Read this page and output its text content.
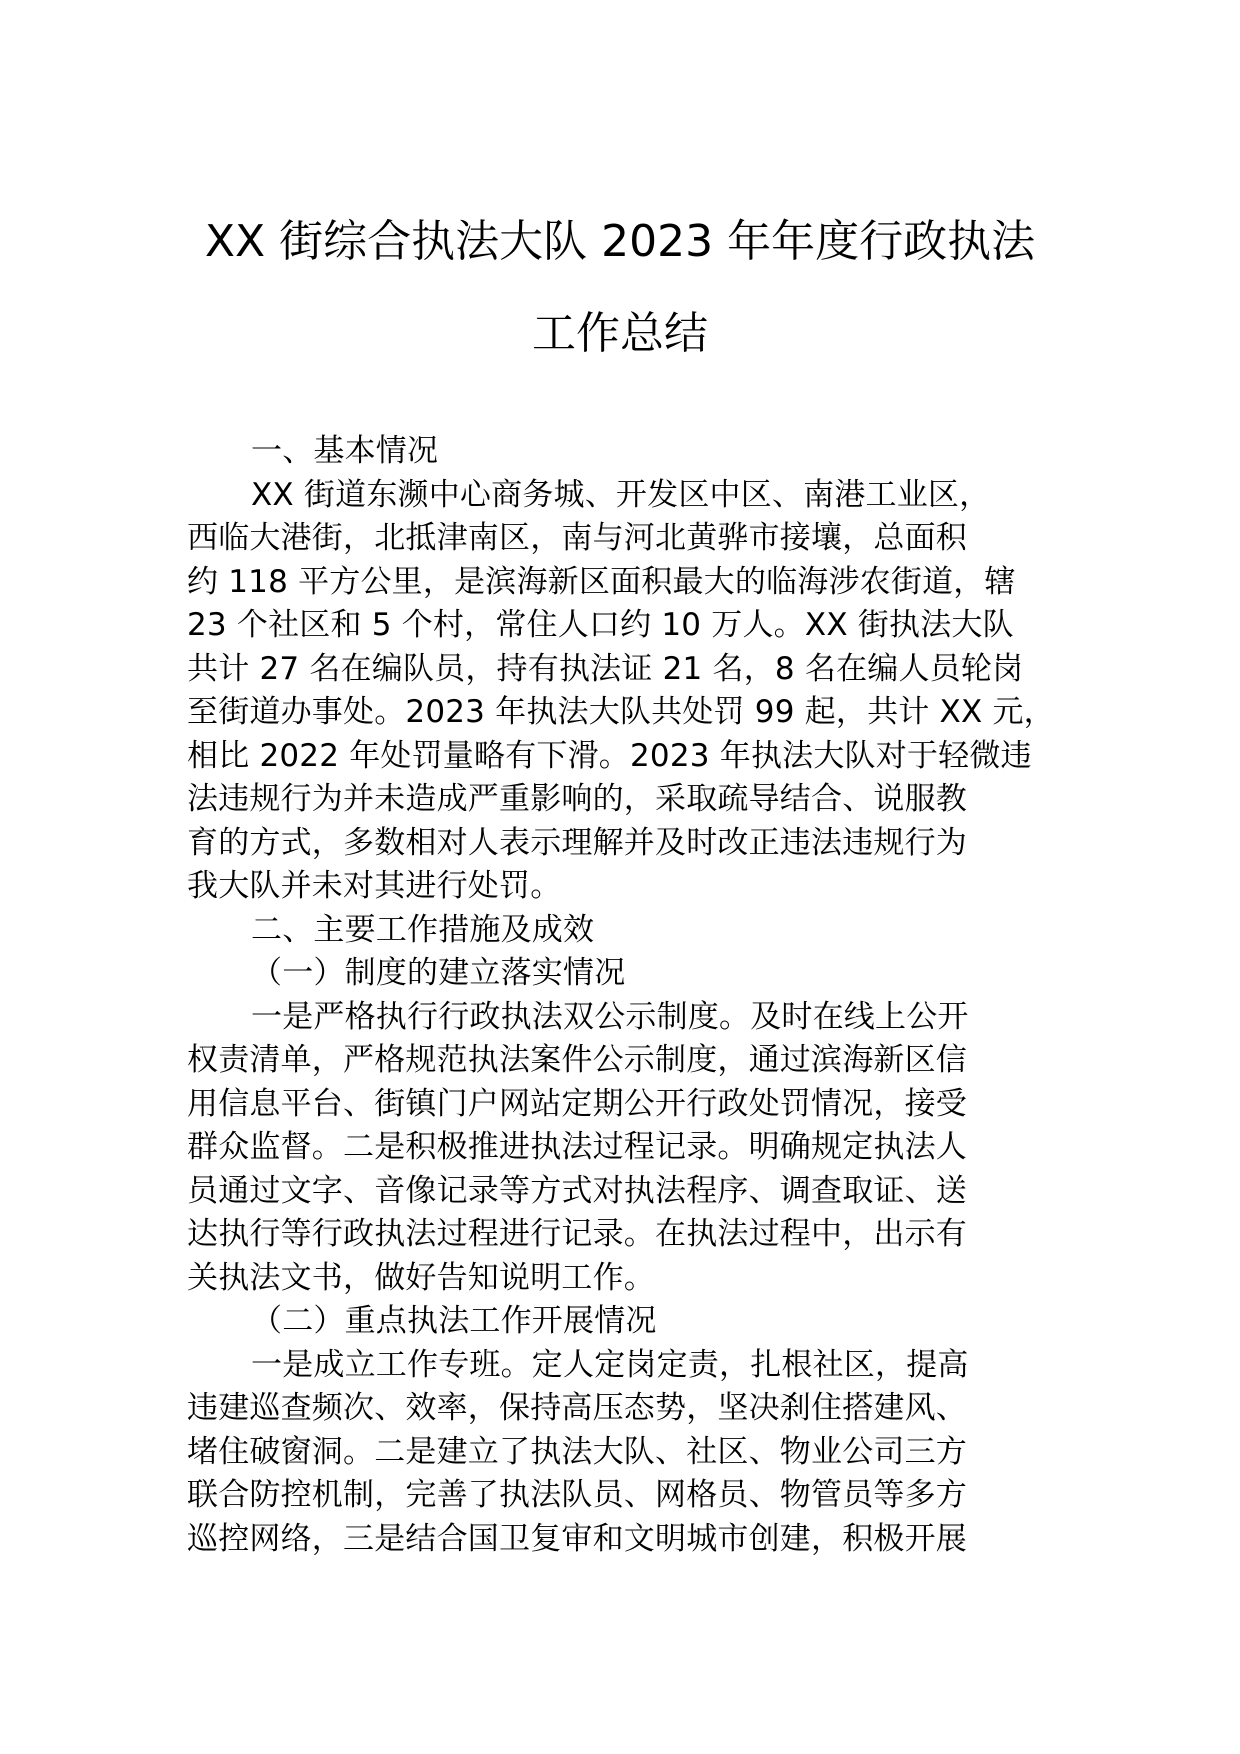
XX 街综合执法大队 2023 年年度行政执法
工作总结
一、基本情况
XX 街道东濒中心商务城、开发区中区、南港工业区，
西临大港街，北抵津南区，南与河北黄骅市接壤，总面积
约 118 平方公里，是滨海新区面积最大的临海涉农街道，辖
23 个社区和 5 个村，常住人口约 10 万人。XX 街执法大队
共计 27 名在编队员，持有执法证 21 名，8 名在编人员轮岗
至街道办事处。2023 年执法大队共处罚 99 起，共计 XX 元，
相比 2022 年处罚量略有下滑。2023 年执法大队对于轻微违
法违规行为并未造成严重影响的，采取疏导结合、说服教
育的方式，多数相对人表示理解并及时改正违法违规行为
我大队并未对其进行处罚。
二、主要工作措施及成效
（一）制度的建立落实情况
一是严格执行行政执法双公示制度。及时在线上公开
权责清单，严格规范执法案件公示制度，通过滨海新区信
用信息平台、街镇门户网站定期公开行政处罚情况，接受
群众监督。二是积极推进执法过程记录。明确规定执法人
员通过文字、音像记录等方式对执法程序、调查取证、送
达执行等行政执法过程进行记录。在执法过程中，出示有
关执法文书，做好告知说明工作。
（二）重点执法工作开展情况
一是成立工作专班。定人定岗定责，扎根社区，提高
违建巡查频次、效率，保持高压态势，坚决刹住搭建风、
堵住破窗洞。二是建立了执法大队、社区、物业公司三方
联合防控机制，完善了执法队员、网格员、物管员等多方
巡控网络，三是结合国卫复审和文明城市创建，积极开展
